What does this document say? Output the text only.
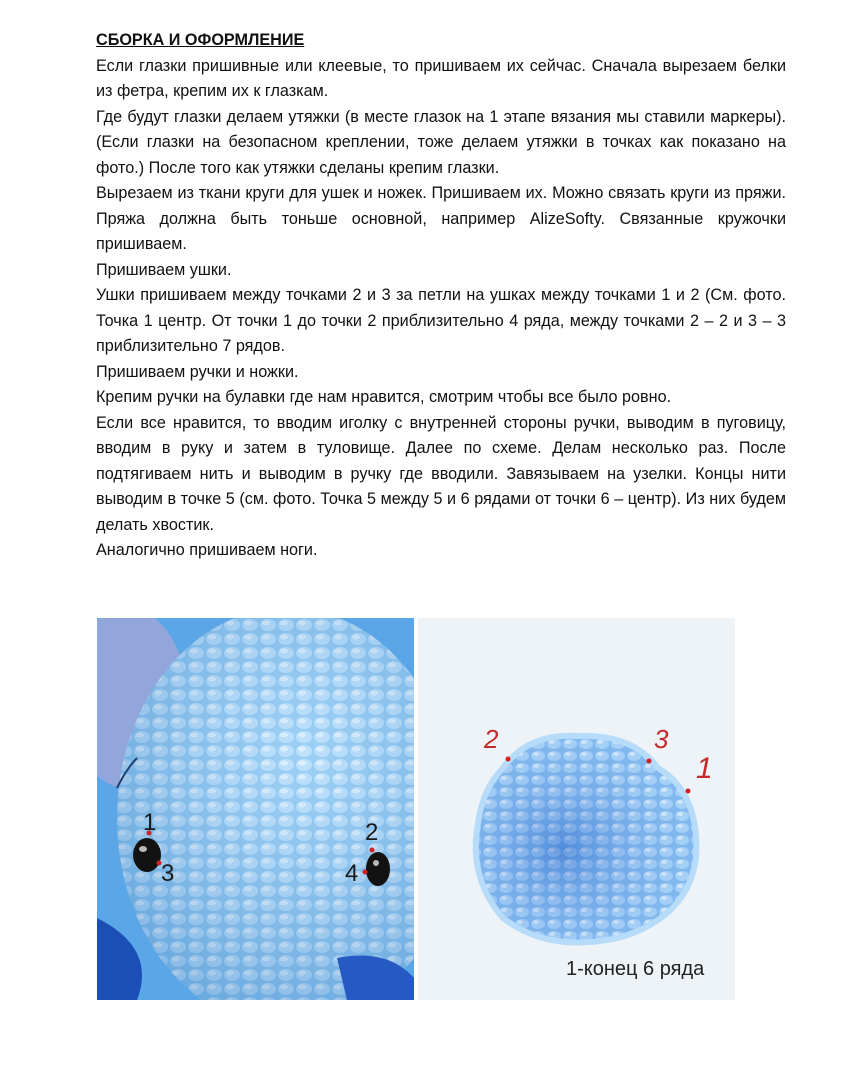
СБОРКА И ОФОРМЛЕНИЕ

Если глазки пришивные или клеевые, то пришиваем их сейчас. Сначала вырезаем белки из фетра, крепим их к глазкам.

Где будут глазки делаем утяжки (в месте глазок на 1 этапе вязания мы ставили маркеры). (Если глазки на безопасном креплении, тоже делаем утяжки в точках как показано на фото.) После того как утяжки сделаны крепим глазки.

Вырезаем из ткани круги для ушек и ножек. Пришиваем их. Можно связать круги из пряжи. Пряжа должна быть тоньше основной, например AlizeSofty. Связанные кружочки пришиваем.

Пришиваем ушки.

Ушки пришиваем между точками 2 и 3 за петли на ушках между точками 1 и 2 (См. фото. Точка 1 центр. От точки 1 до точки 2 приблизительно 4 ряда, между точками 2 – 2 и 3 – 3 приблизительно 7 рядов.

Пришиваем ручки и ножки.

Крепим ручки на булавки где нам нравится, смотрим чтобы все было ровно.

Если все нравится, то вводим иголку с внутренней стороны ручки, выводим в пуговицу, вводим в руку и затем в туловище. Далее по схеме. Делам несколько раз. После подтягиваем нить и выводим в ручку где вводили. Завязываем на узелки. Концы нити выводим в точке 5 (см. фото. Точка 5 между 5 и 6 рядами от точки 6 – центр). Из них будем делать хвостик.

Аналогично пришиваем ноги.

1
3
2
4
2	3
1
1-конец 6 ряда
